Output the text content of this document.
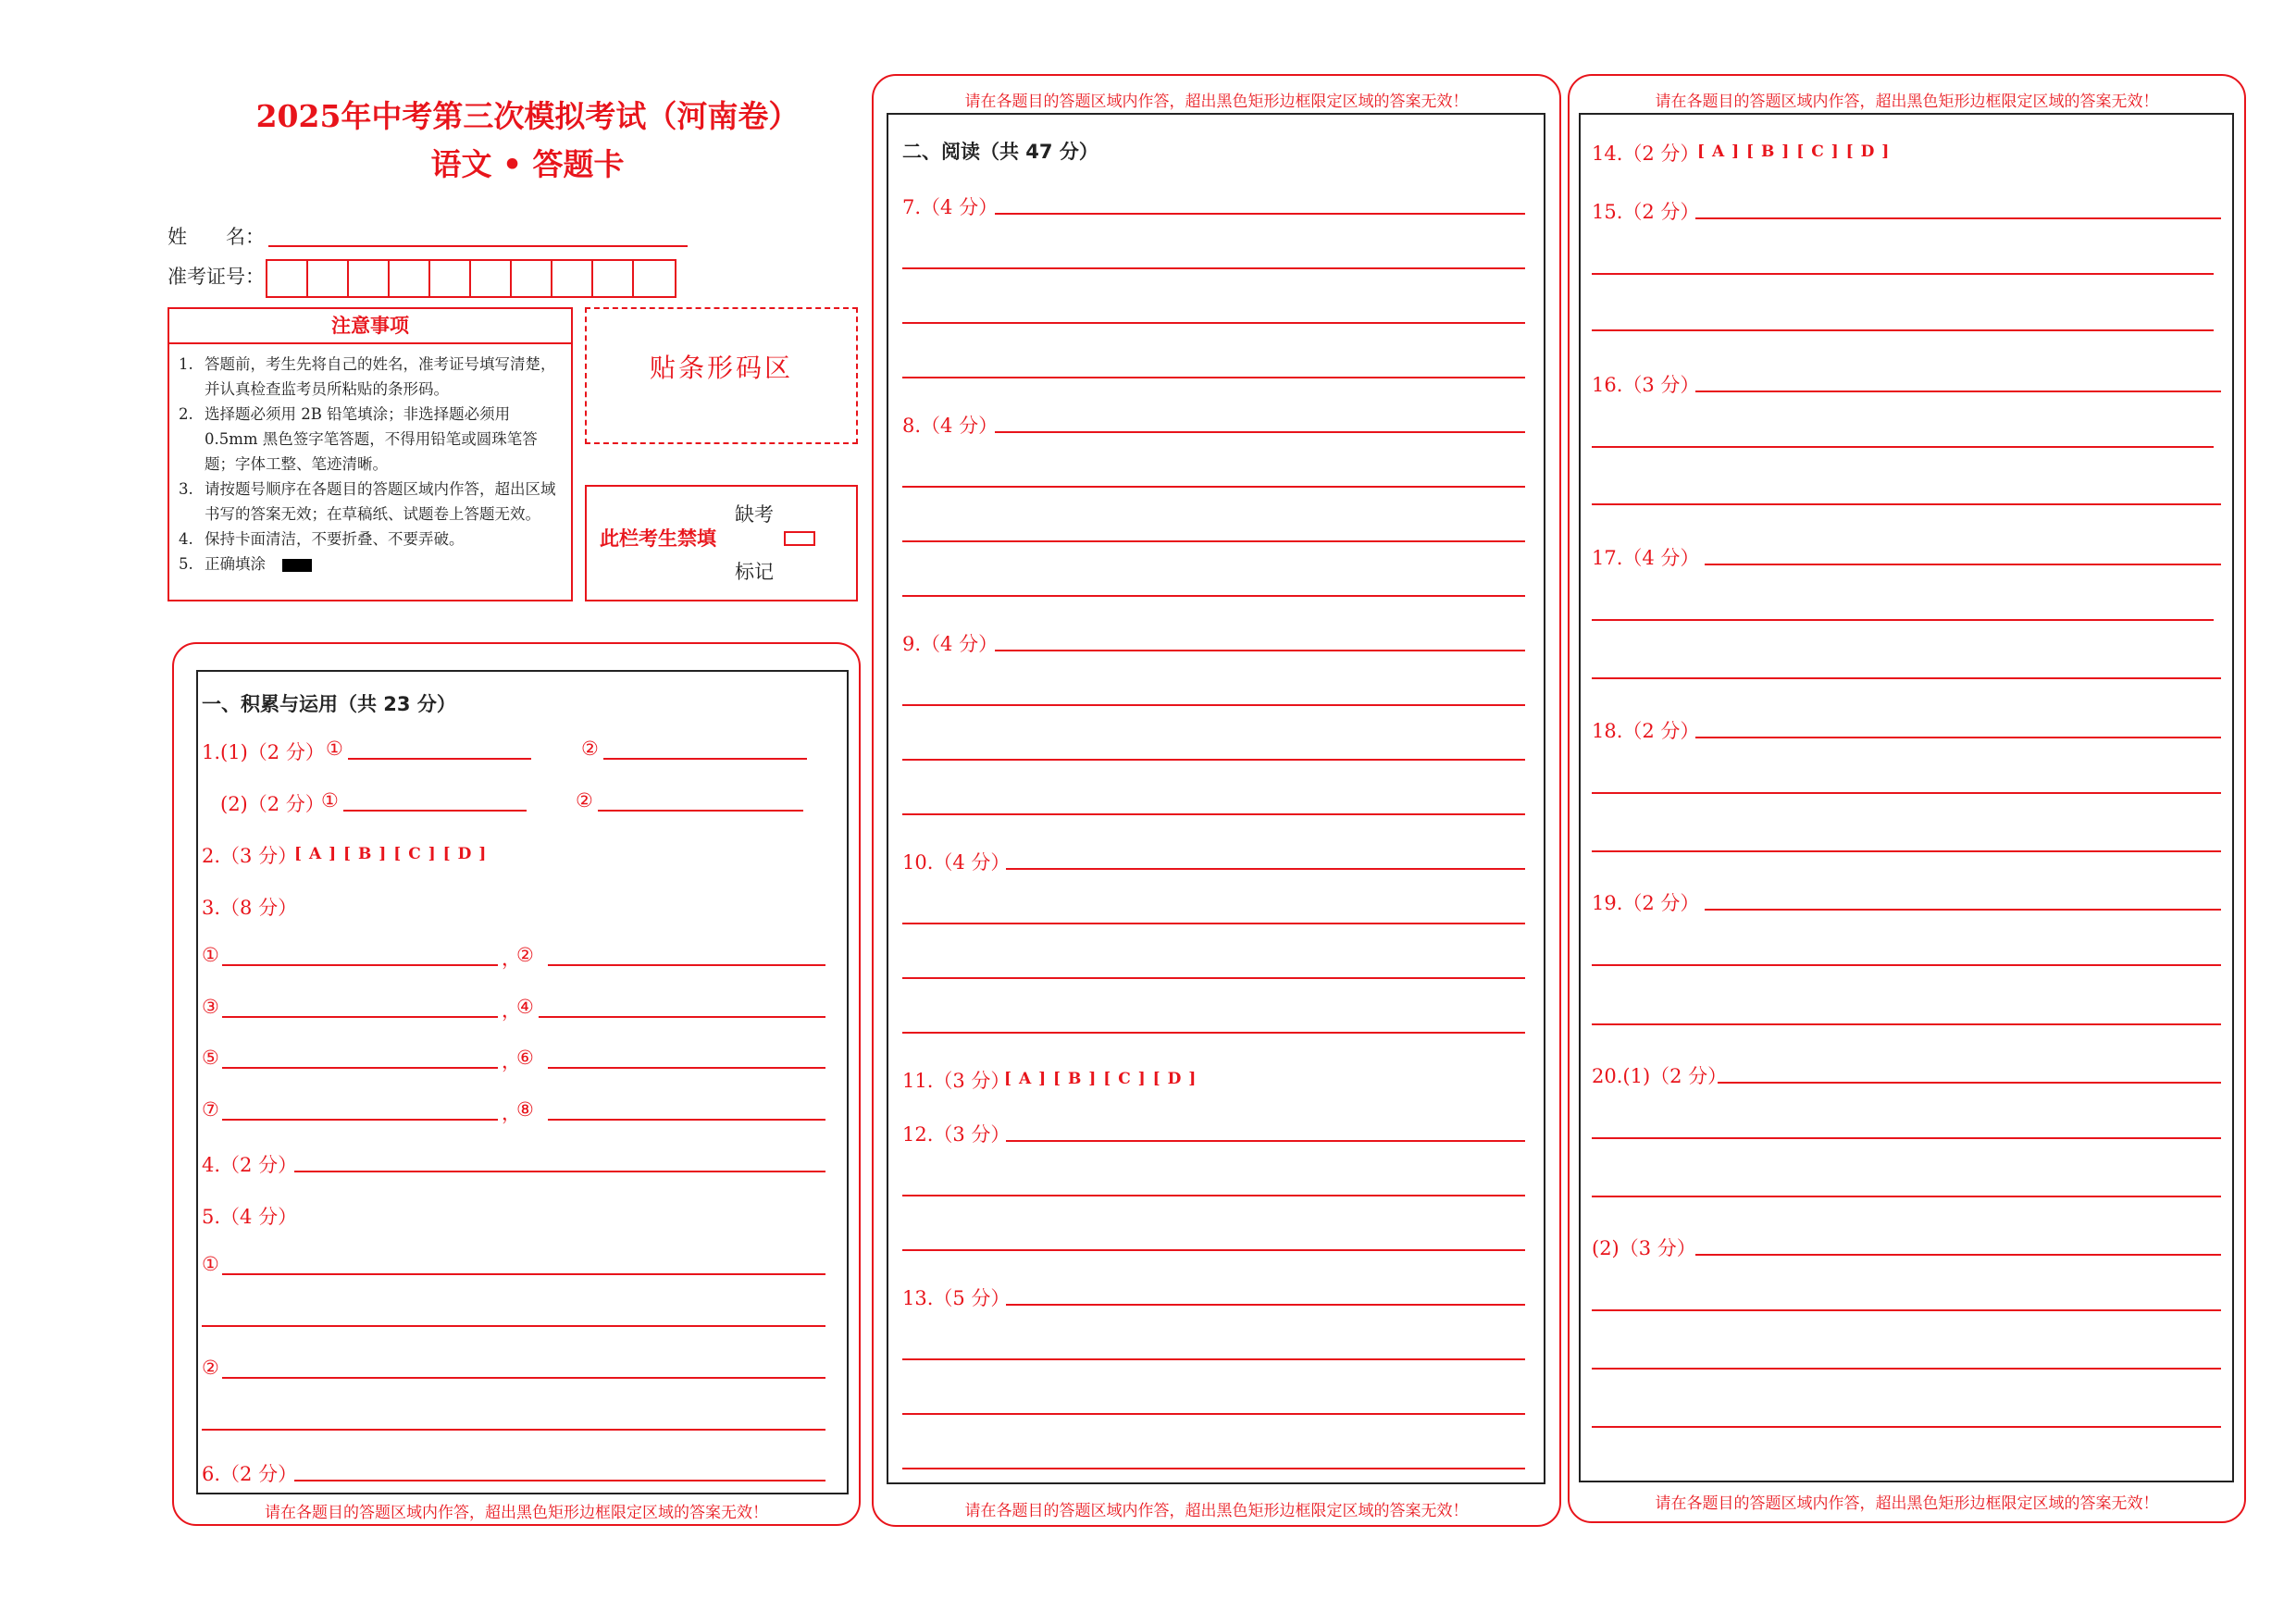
2025年中考第三次模拟考试（河南卷）
语文 • 答题卡
姓　　名：
准考证号：
注意事项
1. 答题前，考生先将自己的姓名，准考证号填写清楚，并认真检查监考员所粘贴的条形码。
2. 选择题必须用 2B 铅笔填涂；非选择题必须用 0.5mm 黑色签字笔答题，不得用铅笔或圆珠笔答题；字体工整、笔迹清晰。
3. 请按题号顺序在各题目的答题区域内作答，超出区域书写的答案无效；在草稿纸、试题卷上答题无效。
4. 保持卡面清洁，不要折叠、不要弄破。
5. 正确填涂
贴条形码区
此栏考生禁填
缺考
标记
请在各题目的答题区域内作答，超出黑色矩形边框限定区域的答案无效！
一、积累与运用（共 23 分）
1.(1)（2 分） ①	②
(2)（2 分）
①	②
2.（3 分）
[ A ] [ B ] [ C ] [ D ]
3.（8 分）
①	，
②
③	，
④
⑤	，
⑥
⑦	，
⑧
4.（2 分）
5.（4 分）
①
②
6.（2 分）
请在各题目的答题区域内作答，超出黑色矩形边框限定区域的答案无效！
请在各题目的答题区域内作答，超出黑色矩形边框限定区域的答案无效！
二、阅读（共 47 分）
7.（4 分）
8.（4 分）
9.（4 分）
10.（4 分）
11.（3 分）
[ A ] [ B ] [ C ] [ D ]
12.（3 分）
13.（5 分）
请在各题目的答题区域内作答，超出黑色矩形边框限定区域的答案无效！
请在各题目的答题区域内作答，超出黑色矩形边框限定区域的答案无效！
14.（2 分）
[ A ] [ B ] [ C ] [ D ]
15.（2 分）
16.（3 分）
17.（4 分）
18.（2 分）
19.（2 分）
20.(1)（2 分）
(2)（3 分）
